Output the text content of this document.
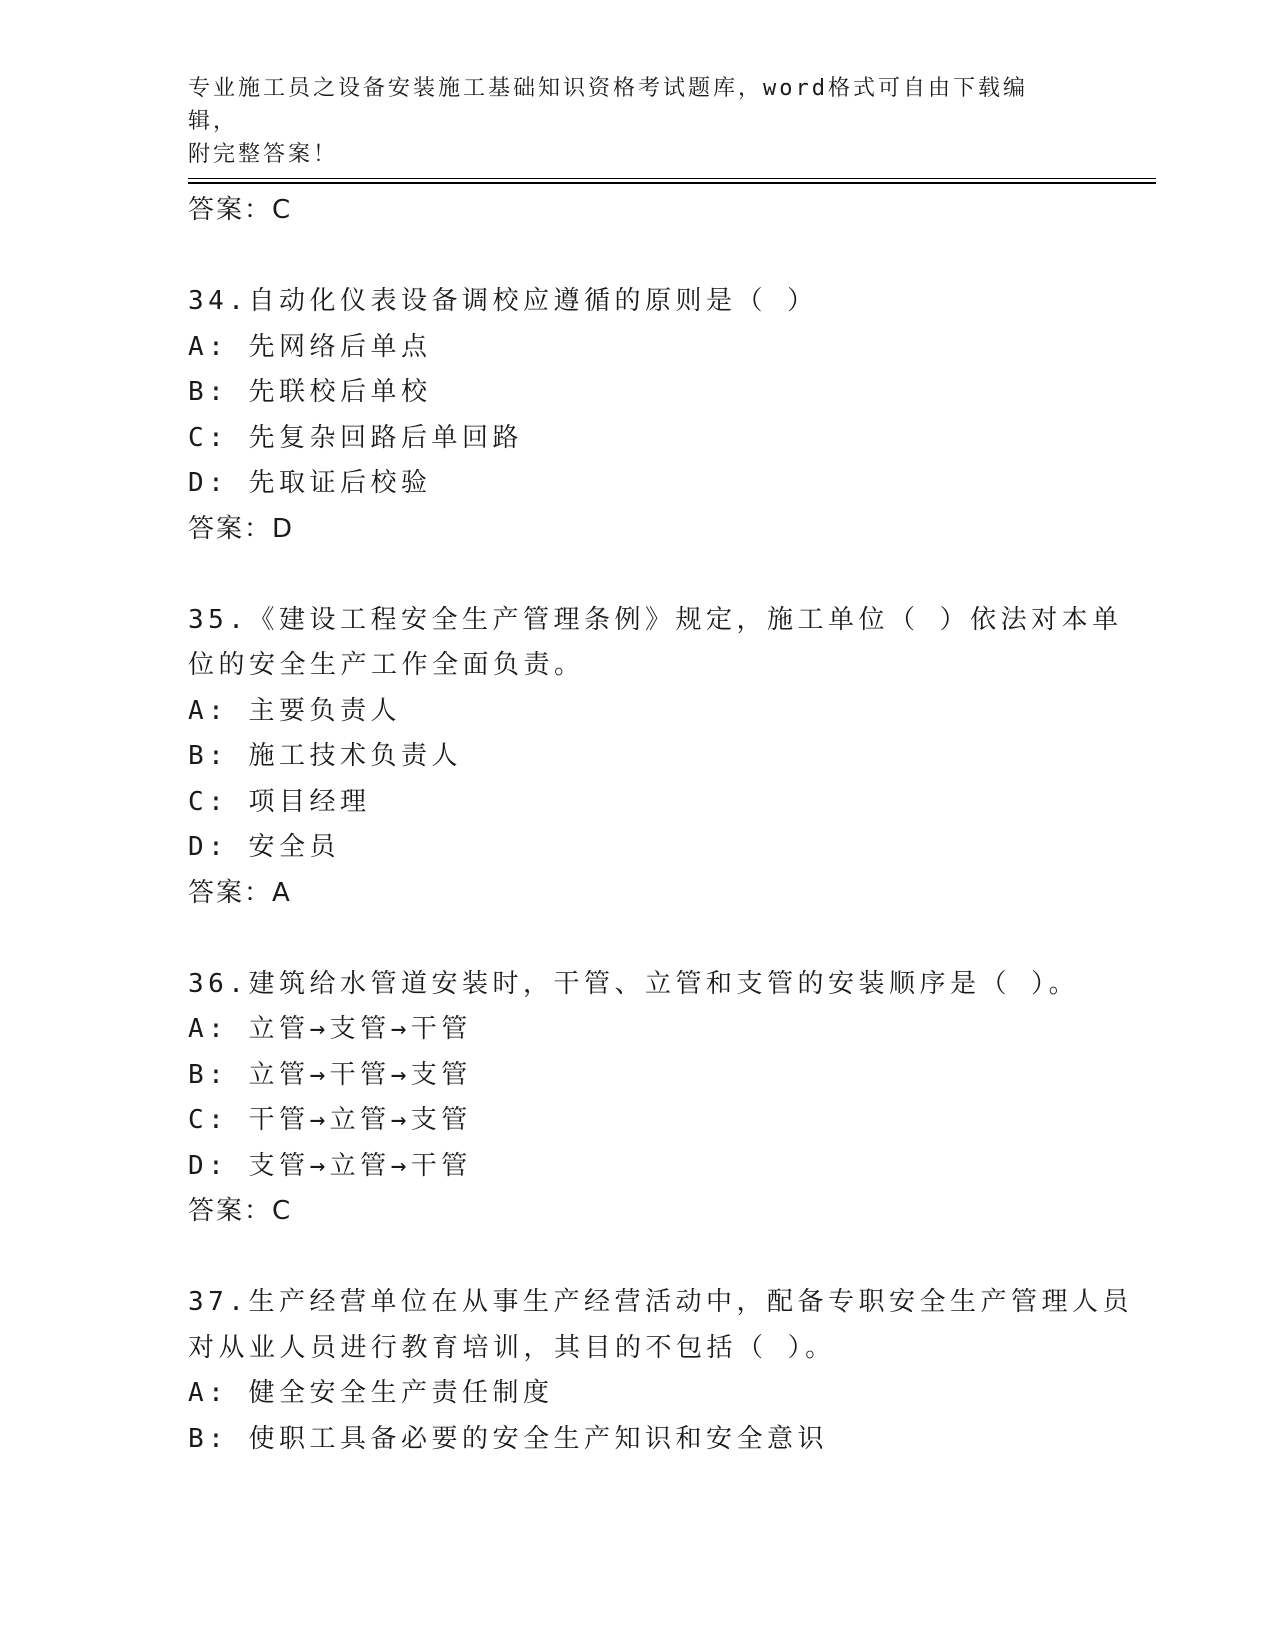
专业施工员之设备安装施工基础知识资格考试题库，word格式可自由下载编辑，
附完整答案！
答案：C
34.自动化仪表设备调校应遵循的原则是（ ）
A: 先网络后单点
B: 先联校后单校
C: 先复杂回路后单回路
D: 先取证后校验
答案：D
35.《建设工程安全生产管理条例》规定，施工单位（ ）依法对本单
位的安全生产工作全面负责。
A: 主要负责人
B: 施工技术负责人
C: 项目经理
D: 安全员
答案：A
36.建筑给水管道安装时，干管、立管和支管的安装顺序是（ ）。
A: 立管→支管→干管
B: 立管→干管→支管
C: 干管→立管→支管
D: 支管→立管→干管
答案：C
37.生产经营单位在从事生产经营活动中，配备专职安全生产管理人员
对从业人员进行教育培训，其目的不包括（ ）。
A: 健全安全生产责任制度
B: 使职工具备必要的安全生产知识和安全意识
